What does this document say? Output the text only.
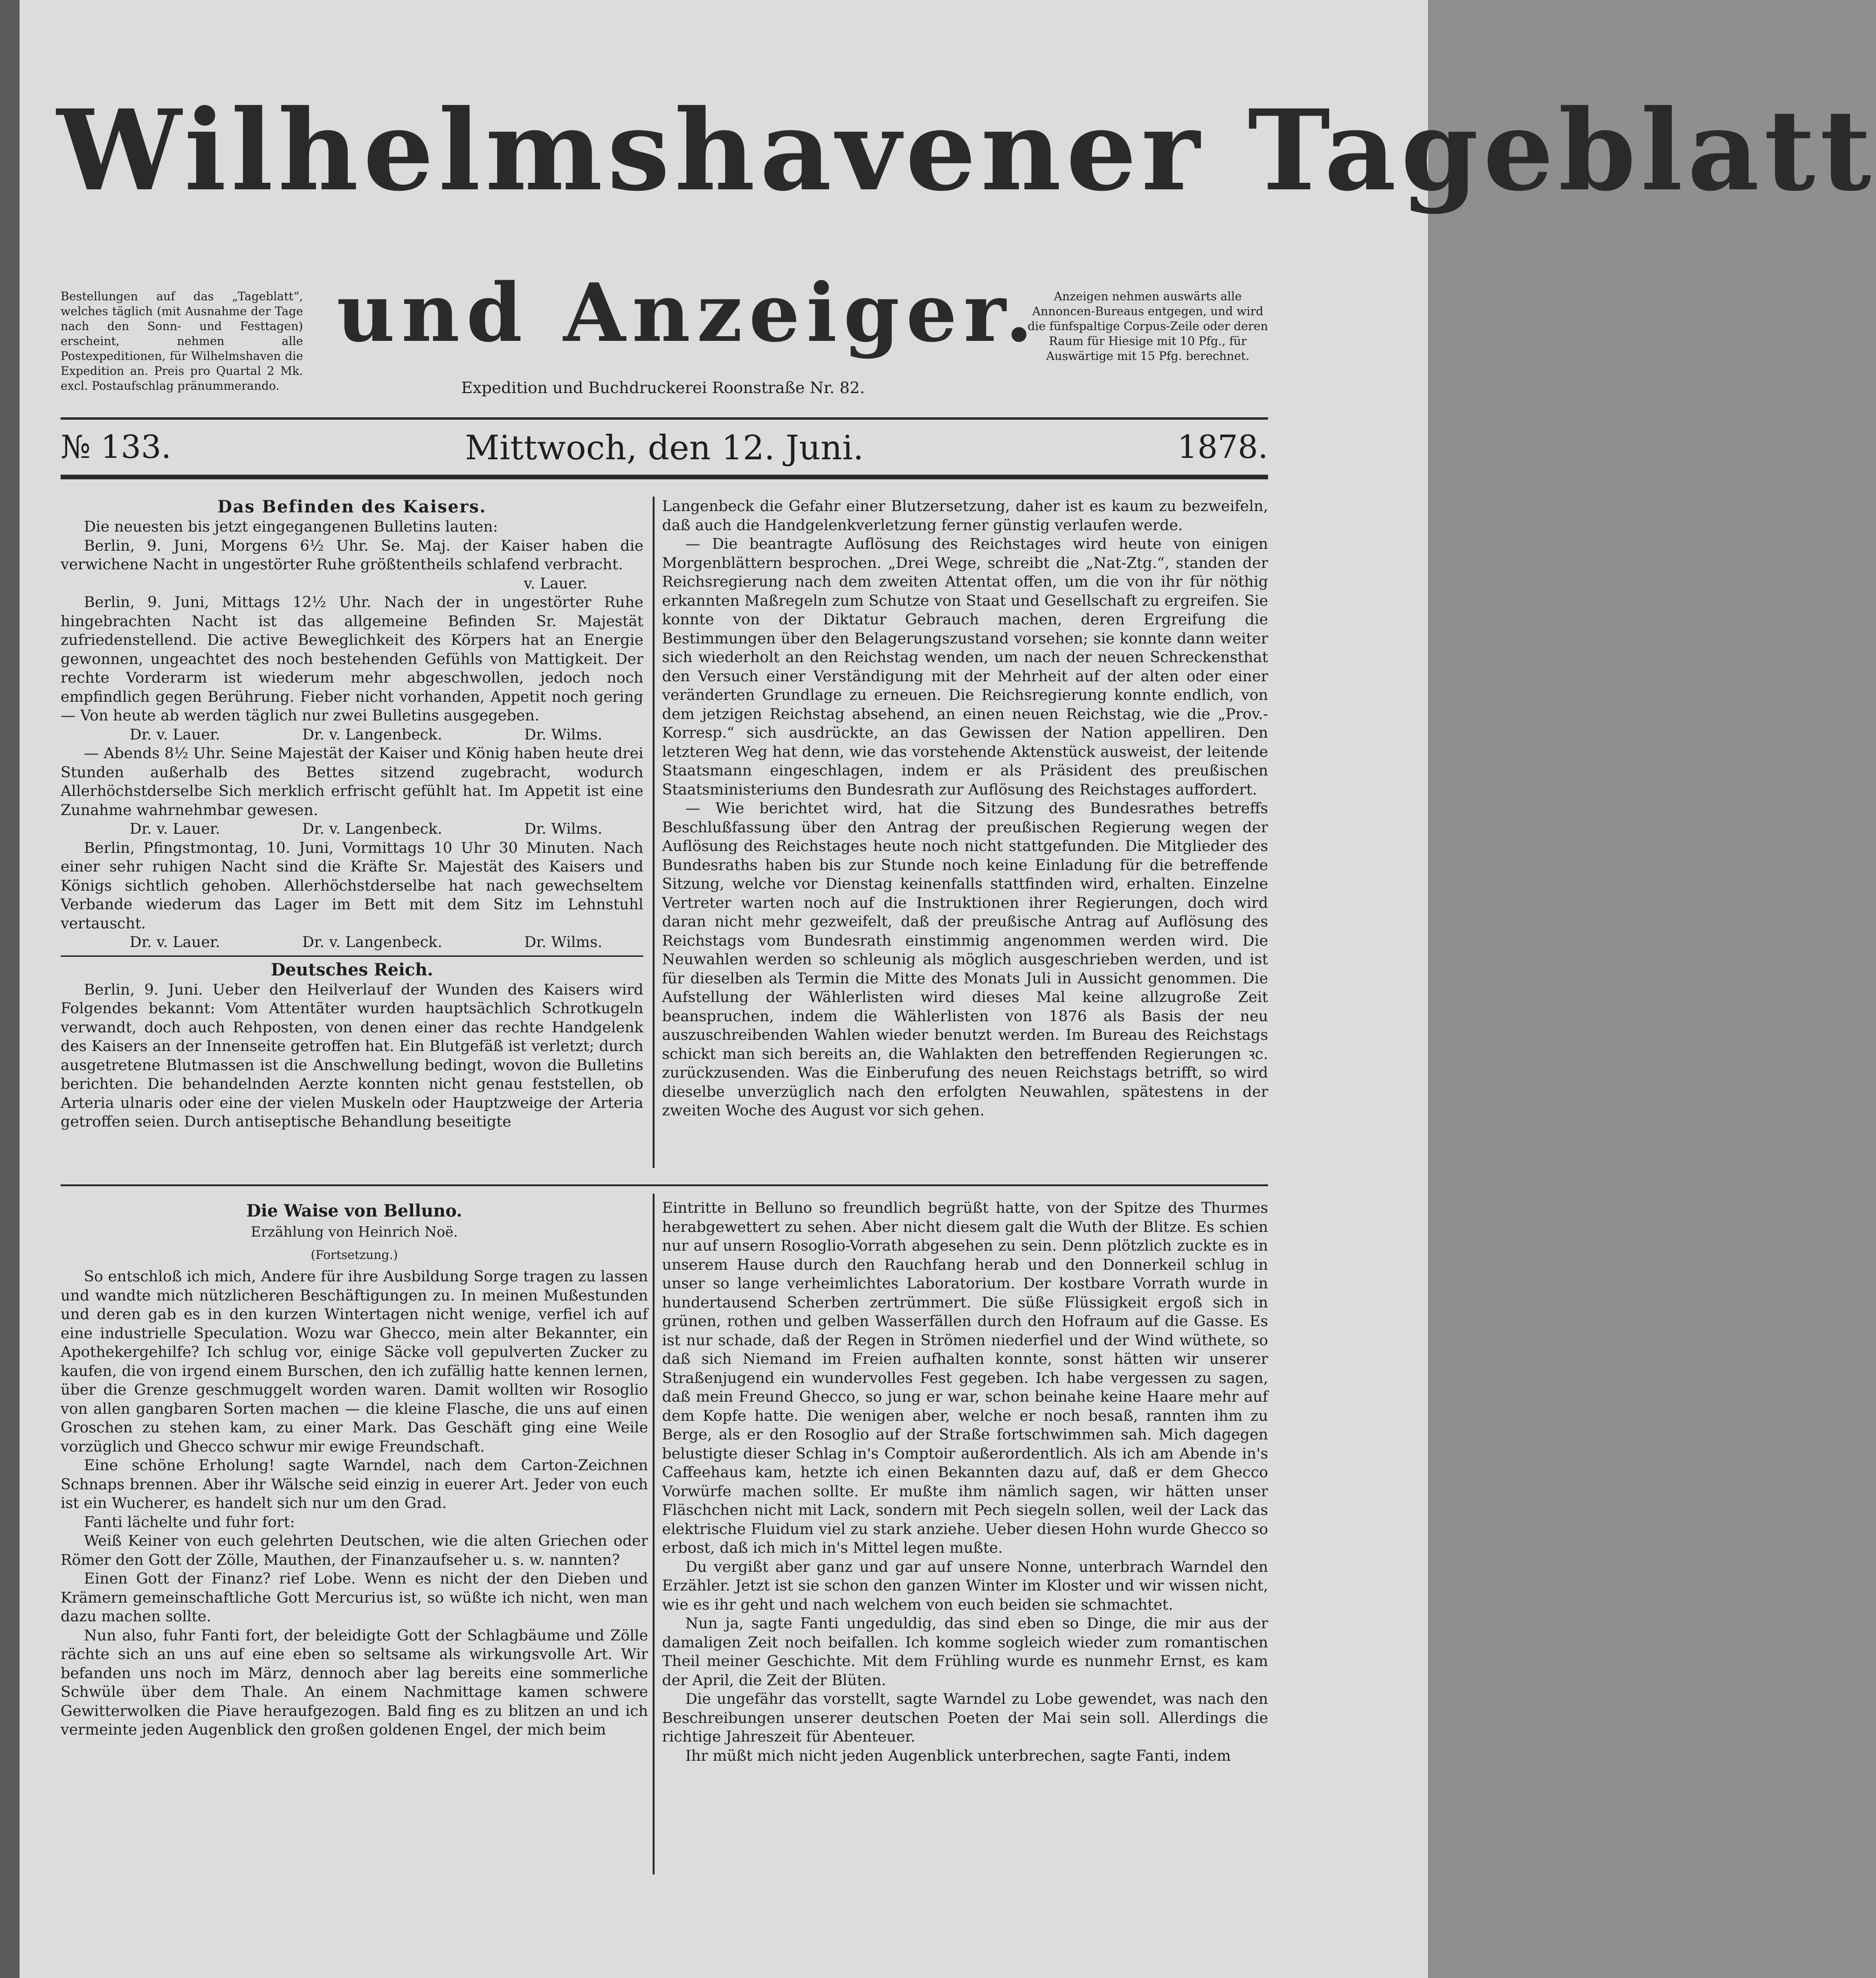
Wilhelmshavener Tageblatt
und Anzeiger.
Expedition und Buchdruckerei Roonstraße Nr. 82.
Bestellungen auf das „Tageblatt“, welches täglich (mit Ausnahme der Tage nach den Sonn- und Festtagen) erscheint, nehmen alle Postexpeditionen, für Wilhelmshaven die Expedition an. Preis pro Quartal 2 Mk. excl. Postaufschlag pränummerando.
Anzeigen nehmen auswärts alle Annoncen-Bureaus entgegen, und wird die fünfspaltige Corpus-Zeile oder deren Raum für Hiesige mit 10 Pfg., für Auswärtige mit 15 Pfg. berechnet.
№ 133.	Mittwoch, den 12. Juni.	1878.
Das Befinden des Kaisers.

Die neuesten bis jetzt eingegangenen Bulletins lauten:

Berlin, 9. Juni, Morgens 6½ Uhr. Se. Maj. der Kaiser haben die verwichene Nacht in ungestörter Ruhe größtentheils schlafend verbracht.

v. Lauer.

Berlin, 9. Juni, Mittags 12½ Uhr. Nach der in ungestörter Ruhe hingebrachten Nacht ist das allgemeine Befinden Sr. Majestät zufriedenstellend. Die active Beweglichkeit des Körpers hat an Energie gewonnen, ungeachtet des noch bestehenden Gefühls von Mattigkeit. Der rechte Vorderarm ist wiederum mehr abgeschwollen, jedoch noch empfindlich gegen Berührung. Fieber nicht vorhanden, Appetit noch gering — Von heute ab werden täglich nur zwei Bulletins ausgegeben.

Dr. v. Lauer.	Dr. v. Langenbeck.	Dr. Wilms.

— Abends 8½ Uhr. Seine Majestät der Kaiser und König haben heute drei Stunden außerhalb des Bettes sitzend zugebracht, wodurch Allerhöchstderselbe Sich merklich erfrischt gefühlt hat. Im Appetit ist eine Zunahme wahrnehmbar gewesen.

Dr. v. Lauer.	Dr. v. Langenbeck.	Dr. Wilms.

Berlin, Pfingstmontag, 10. Juni, Vormittags 10 Uhr 30 Minuten. Nach einer sehr ruhigen Nacht sind die Kräfte Sr. Majestät des Kaisers und Königs sichtlich gehoben. Allerhöchstderselbe hat nach gewechseltem Verbande wiederum das Lager im Bett mit dem Sitz im Lehnstuhl vertauscht.

Dr. v. Lauer.	Dr. v. Langenbeck.	Dr. Wilms.

Deutsches Reich.

Berlin, 9. Juni. Ueber den Heilverlauf der Wunden des Kaisers wird Folgendes bekannt: Vom Attentäter wurden hauptsächlich Schrotkugeln verwandt, doch auch Rehposten, von denen einer das rechte Handgelenk des Kaisers an der Innenseite getroffen hat. Ein Blutgefäß ist verletzt; durch ausgetretene Blutmassen ist die Anschwellung bedingt, wovon die Bulletins berichten. Die behandelnden Aerzte konnten nicht genau feststellen, ob Arteria ulnaris oder eine der vielen Muskeln oder Hauptzweige der Arteria getroffen seien. Durch antiseptische Behandlung beseitigte

Langenbeck die Gefahr einer Blutzersetzung, daher ist es kaum zu bezweifeln, daß auch die Handgelenkverletzung ferner günstig verlaufen werde.

— Die beantragte Auflösung des Reichstages wird heute von einigen Morgenblättern besprochen. „Drei Wege, schreibt die „Nat-Ztg.“, standen der Reichsregierung nach dem zweiten Attentat offen, um die von ihr für nöthig erkannten Maßregeln zum Schutze von Staat und Gesellschaft zu ergreifen. Sie konnte von der Diktatur Gebrauch machen, deren Ergreifung die Bestimmungen über den Belagerungszustand vorsehen; sie konnte dann weiter sich wiederholt an den Reichstag wenden, um nach der neuen Schreckensthat den Versuch einer Verständigung mit der Mehrheit auf der alten oder einer veränderten Grundlage zu erneuen. Die Reichsregierung konnte endlich, von dem jetzigen Reichstag absehend, an einen neuen Reichstag, wie die „Prov.-Korresp.“ sich ausdrückte, an das Gewissen der Nation appelliren. Den letzteren Weg hat denn, wie das vorstehende Aktenstück ausweist, der leitende Staatsmann eingeschlagen, indem er als Präsident des preußischen Staatsministeriums den Bundesrath zur Auflösung des Reichstages auffordert.

— Wie berichtet wird, hat die Sitzung des Bundesrathes betreffs Beschlußfassung über den Antrag der preußischen Regierung wegen der Auflösung des Reichstages heute noch nicht stattgefunden. Die Mitglieder des Bundesraths haben bis zur Stunde noch keine Einladung für die betreffende Sitzung, welche vor Dienstag keinenfalls stattfinden wird, erhalten. Einzelne Vertreter warten noch auf die Instruktionen ihrer Regierungen, doch wird daran nicht mehr gezweifelt, daß der preußische Antrag auf Auflösung des Reichstags vom Bundesrath einstimmig angenommen werden wird. Die Neuwahlen werden so schleunig als möglich ausgeschrieben werden, und ist für dieselben als Termin die Mitte des Monats Juli in Aussicht genommen. Die Aufstellung der Wählerlisten wird dieses Mal keine allzugroße Zeit beanspruchen, indem die Wählerlisten von 1876 als Basis der neu auszuschreibenden Wahlen wieder benutzt werden. Im Bureau des Reichstags schickt man sich bereits an, die Wahlakten den betreffenden Regierungen ꝛc. zurückzusenden. Was die Einberufung des neuen Reichstags betrifft, so wird dieselbe unverzüglich nach den erfolgten Neuwahlen, spätestens in der zweiten Woche des August vor sich gehen.

Die Waise von Belluno.

Erzählung von Heinrich Noë.

(Fortsetzung.)

So entschloß ich mich, Andere für ihre Ausbildung Sorge tragen zu lassen und wandte mich nützlicheren Beschäftigungen zu. In meinen Mußestunden und deren gab es in den kurzen Wintertagen nicht wenige, verfiel ich auf eine industrielle Speculation. Wozu war Ghecco, mein alter Bekannter, ein Apothekergehilfe? Ich schlug vor, einige Säcke voll gepulverten Zucker zu kaufen, die von irgend einem Burschen, den ich zufällig hatte kennen lernen, über die Grenze geschmuggelt worden waren. Damit wollten wir Rosoglio von allen gangbaren Sorten machen — die kleine Flasche, die uns auf einen Groschen zu stehen kam, zu einer Mark. Das Geschäft ging eine Weile vorzüglich und Ghecco schwur mir ewige Freundschaft.

Eine schöne Erholung! sagte Warndel, nach dem Carton-Zeichnen Schnaps brennen. Aber ihr Wälsche seid einzig in euerer Art. Jeder von euch ist ein Wucherer, es handelt sich nur um den Grad.

Fanti lächelte und fuhr fort:

Weiß Keiner von euch gelehrten Deutschen, wie die alten Griechen oder Römer den Gott der Zölle, Mauthen, der Finanzaufseher u. s. w. nannten?

Einen Gott der Finanz? rief Lobe. Wenn es nicht der den Dieben und Krämern gemeinschaftliche Gott Mercurius ist, so wüßte ich nicht, wen man dazu machen sollte.

Nun also, fuhr Fanti fort, der beleidigte Gott der Schlagbäume und Zölle rächte sich an uns auf eine eben so seltsame als wirkungsvolle Art. Wir befanden uns noch im März, dennoch aber lag bereits eine sommerliche Schwüle über dem Thale. An einem Nachmittage kamen schwere Gewitterwolken die Piave heraufgezogen. Bald fing es zu blitzen an und ich vermeinte jeden Augenblick den großen goldenen Engel, der mich beim

Eintritte in Belluno so freundlich begrüßt hatte, von der Spitze des Thurmes herabgewettert zu sehen. Aber nicht diesem galt die Wuth der Blitze. Es schien nur auf unsern Rosoglio-Vorrath abgesehen zu sein. Denn plötzlich zuckte es in unserem Hause durch den Rauchfang herab und den Donnerkeil schlug in unser so lange verheimlichtes Laboratorium. Der kostbare Vorrath wurde in hundertausend Scherben zertrümmert. Die süße Flüssigkeit ergoß sich in grünen, rothen und gelben Wasserfällen durch den Hofraum auf die Gasse. Es ist nur schade, daß der Regen in Strömen niederfiel und der Wind wüthete, so daß sich Niemand im Freien aufhalten konnte, sonst hätten wir unserer Straßenjugend ein wundervolles Fest gegeben. Ich habe vergessen zu sagen, daß mein Freund Ghecco, so jung er war, schon beinahe keine Haare mehr auf dem Kopfe hatte. Die wenigen aber, welche er noch besaß, rannten ihm zu Berge, als er den Rosoglio auf der Straße fortschwimmen sah. Mich dagegen belustigte dieser Schlag in's Comptoir außerordentlich. Als ich am Abende in's Caffeehaus kam, hetzte ich einen Bekannten dazu auf, daß er dem Ghecco Vorwürfe machen sollte. Er mußte ihm nämlich sagen, wir hätten unser Fläschchen nicht mit Lack, sondern mit Pech siegeln sollen, weil der Lack das elektrische Fluidum viel zu stark anziehe. Ueber diesen Hohn wurde Ghecco so erbost, daß ich mich in's Mittel legen mußte.

Du vergißt aber ganz und gar auf unsere Nonne, unterbrach Warndel den Erzähler. Jetzt ist sie schon den ganzen Winter im Kloster und wir wissen nicht, wie es ihr geht und nach welchem von euch beiden sie schmachtet.

Nun ja, sagte Fanti ungeduldig, das sind eben so Dinge, die mir aus der damaligen Zeit noch beifallen. Ich komme sogleich wieder zum romantischen Theil meiner Geschichte. Mit dem Frühling wurde es nunmehr Ernst, es kam der April, die Zeit der Blüten.

Die ungefähr das vorstellt, sagte Warndel zu Lobe gewendet, was nach den Beschreibungen unserer deutschen Poeten der Mai sein soll. Allerdings die richtige Jahreszeit für Abenteuer.

Ihr müßt mich nicht jeden Augenblick unterbrechen, sagte Fanti, indem
